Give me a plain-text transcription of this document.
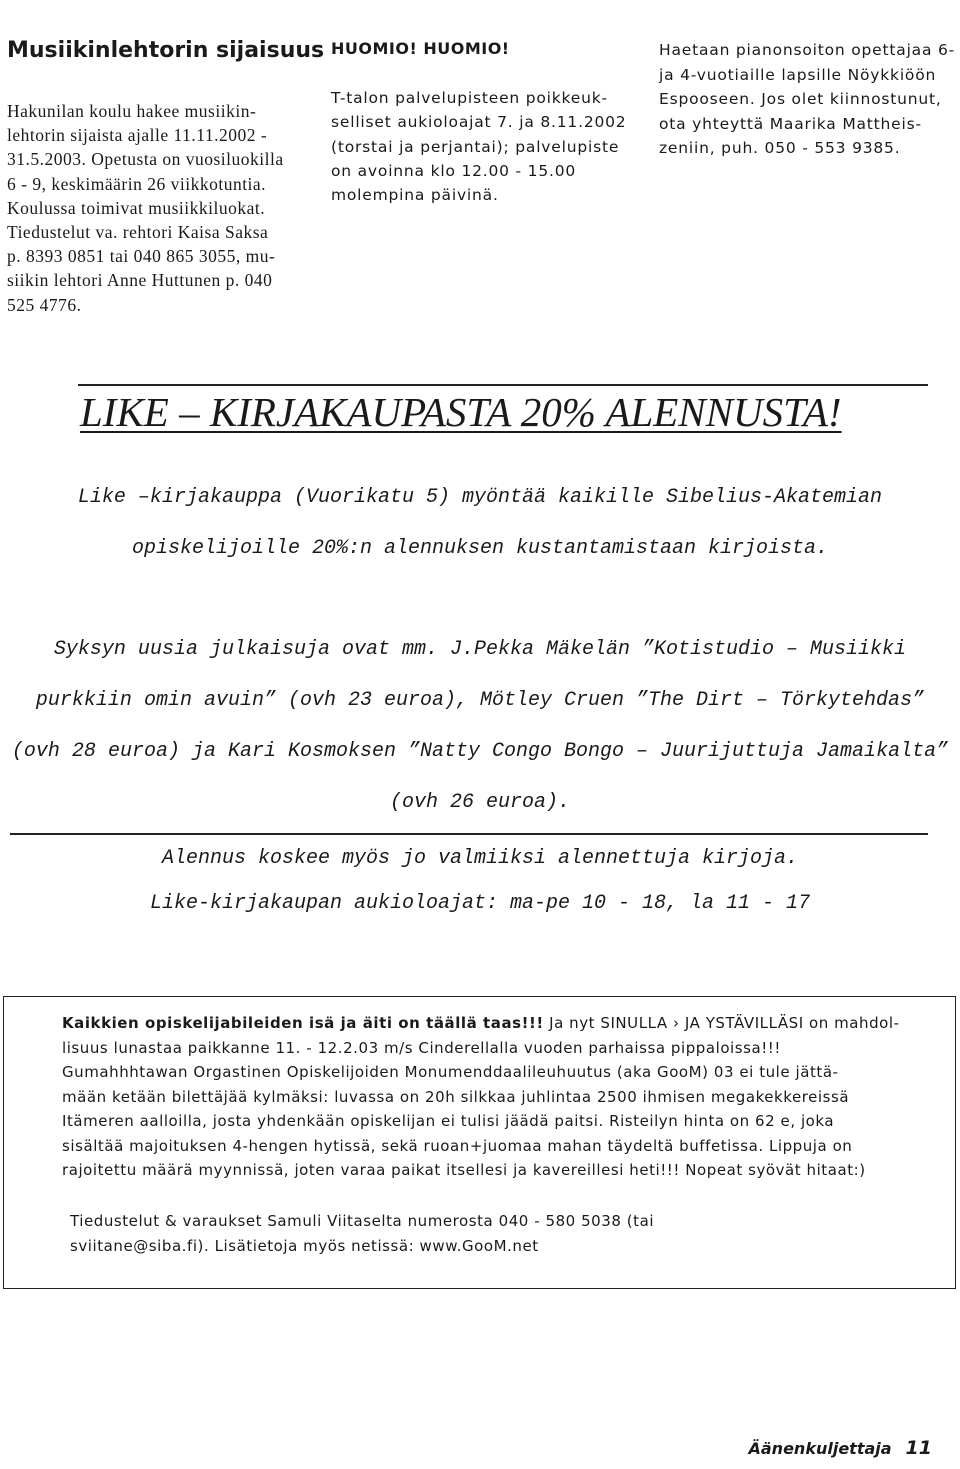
Musiikinlehtorin sijaisuus
Hakunilan koulu hakee musiikin-
lehtorin sijaista ajalle 11.11.2002 -
31.5.2003. Opetusta on vuosiluokilla
6 - 9, keskimäärin 26 viikkotuntia.
Koulussa toimivat musiikkiluokat.
Tiedustelut va. rehtori Kaisa Saksa
p. 8393 0851 tai 040 865 3055, mu-
siikin lehtori Anne Huttunen p. 040
525 4776.
HUOMIO! HUOMIO!
T-talon palvelupisteen poikkeuk-
selliset aukioloajat 7. ja 8.11.2002
(torstai ja perjantai); palvelupiste
on avoinna klo 12.00 - 15.00
molempina päivinä.
Haetaan pianonsoiton opettajaa 6-
ja 4-vuotiaille lapsille Nöykkiöön
Espooseen. Jos olet kiinnostunut,
ota yhteyttä Maarika Mattheis-
zeniin, puh. 050 - 553 9385.
LIKE – KIRJAKAUPASTA 20% ALENNUSTA!
Like –kirjakauppa (Vuorikatu 5) myöntää kaikille Sibelius-Akatemian
opiskelijoille 20%:n alennuksen kustantamistaan kirjoista.
Syksyn uusia julkaisuja ovat mm. J.Pekka Mäkelän ”Kotistudio – Musiikki
purkkiin omin avuin” (ovh 23 euroa), Mötley Cruen ”The Dirt – Törkytehdas”
(ovh 28 euroa) ja Kari Kosmoksen ”Natty Congo Bongo – Juurijuttuja Jamaikalta”
(ovh 26 euroa).
Alennus koskee myös jo valmiiksi alennettuja kirjoja.
Like-kirjakaupan aukioloajat: ma-pe 10 - 18, la 11 - 17
Kaikkien opiskelijabileiden isä ja äiti on täällä taas!!! Ja nyt SINULLA › JA YSTÄVILLÄSI on mahdol-
lisuus lunastaa paikkanne 11. - 12.2.03 m/s Cinderellalla vuoden parhaissa pippaloissa!!!
Gumahhhtawan Orgastinen Opiskelijoiden Monumenddaalileuhuutus (aka GooM) 03 ei tule jättä-
mään ketään bilettäjää kylmäksi: luvassa on 20h silkkaa juhlintaa 2500 ihmisen megakekkereissä
Itämeren aalloilla, josta yhdenkään opiskelijan ei tulisi jäädä paitsi. Risteilyn hinta on 62 e, joka
sisältää majoituksen 4-hengen hytissä, sekä ruoan+juomaa mahan täydeltä buffetissa. Lippuja on
rajoitettu määrä myynnissä, joten varaa paikat itsellesi ja kavereillesi heti!!! Nopeat syövät hitaat:)
Tiedustelut & varaukset Samuli Viitaselta numerosta 040 - 580 5038 (tai
sviitane@siba.fi). Lisätietoja myös netissä: www.GooM.net
Äänenkuljettaja 11
